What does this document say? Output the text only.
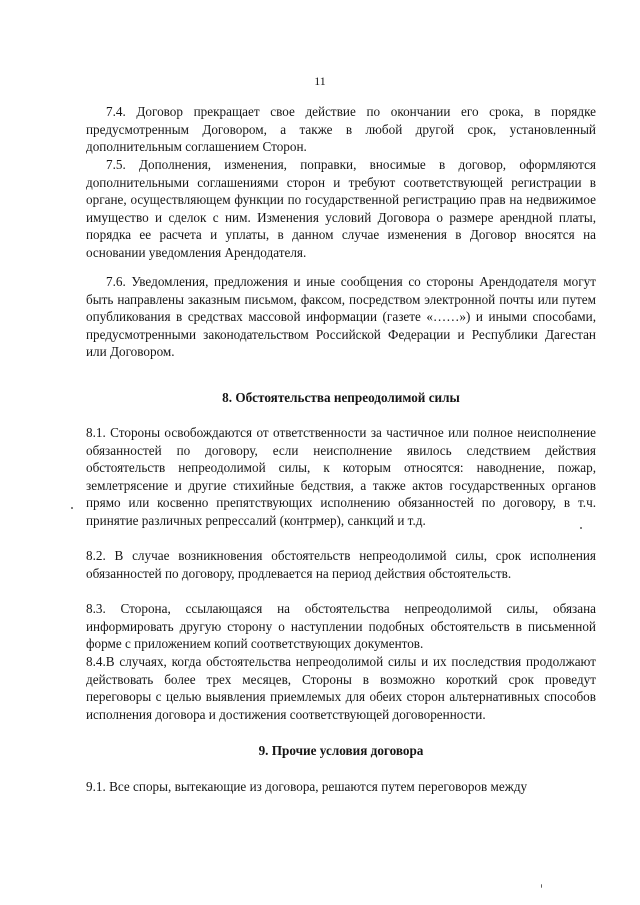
11

7.4. Договор прекращает свое действие по окончании его срока, в порядке предусмотренным Договором, а также в любой другой срок, установленный дополнительным соглашением Сторон.

7.5. Дополнения, изменения, поправки, вносимые в договор, оформляются дополнительными соглашениями сторон и требуют соответствующей регистрации в органе, осуществляющем функции по государственной регистрацию прав на недвижимое имущество и сделок с ним. Изменения условий Договора о размере арендной платы, порядка ее расчета и уплаты, в данном случае изменения в Договор вносятся на основании уведомления Арендодателя.

7.6. Уведомления, предложения и иные сообщения со стороны Арендодателя могут быть направлены заказным письмом, факсом, посредством электронной почты или путем опубликования в средствах массовой информации (газете «……») и иными способами, предусмотренными законодательством Российской Федерации и Республики Дагестан или Договором.

8. Обстоятельства непреодолимой силы

8.1. Стороны освобождаются от ответственности за частичное или полное неисполнение обязанностей по договору, если неисполнение явилось следствием действия обстоятельств непреодолимой силы, к которым относятся: наводнение, пожар, землетрясение и другие стихийные бедствия, а также актов государственных органов прямо или косвенно препятствующих исполнению обязанностей по договору, в т.ч. принятие различных репрессалий (контрмер), санкций и т.д.

8.2. В случае возникновения обстоятельств непреодолимой силы, срок исполнения обязанностей по договору, продлевается на период действия обстоятельств.

8.3. Сторона, ссылающаяся на обстоятельства непреодолимой силы, обязана информировать другую сторону о наступлении подобных обстоятельств в письменной форме с приложением копий соответствующих документов.

8.4.В случаях, когда обстоятельства непреодолимой силы и их последствия продолжают действовать более трех месяцев, Стороны в возможно короткий срок проведут переговоры с целью выявления приемлемых для обеих сторон альтернативных способов исполнения договора и достижения соответствующей договоренности.

9. Прочие условия договора

9.1. Все споры, вытекающие из договора, решаются путем переговоров между
